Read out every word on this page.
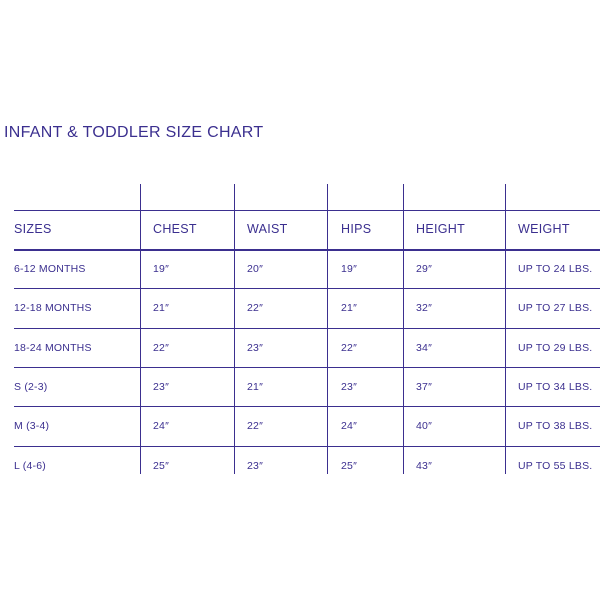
INFANT & TODDLER SIZE CHART
SIZES	CHEST	WAIST	HIPS	HEIGHT	WEIGHT
6-12 MONTHS	19″	20″	19″	29″	UP TO 24 LBS.
12-18 MONTHS	21″	22″	21″	32″	UP TO 27 LBS.
18-24 MONTHS	22″	23″	22″	34″	UP TO 29 LBS.
S (2-3)	23″	21″	23″	37″	UP TO 34 LBS.
M (3-4)	24″	22″	24″	40″	UP TO 38 LBS.
L (4-6)	25″	23″	25″	43″	UP TO 55 LBS.
